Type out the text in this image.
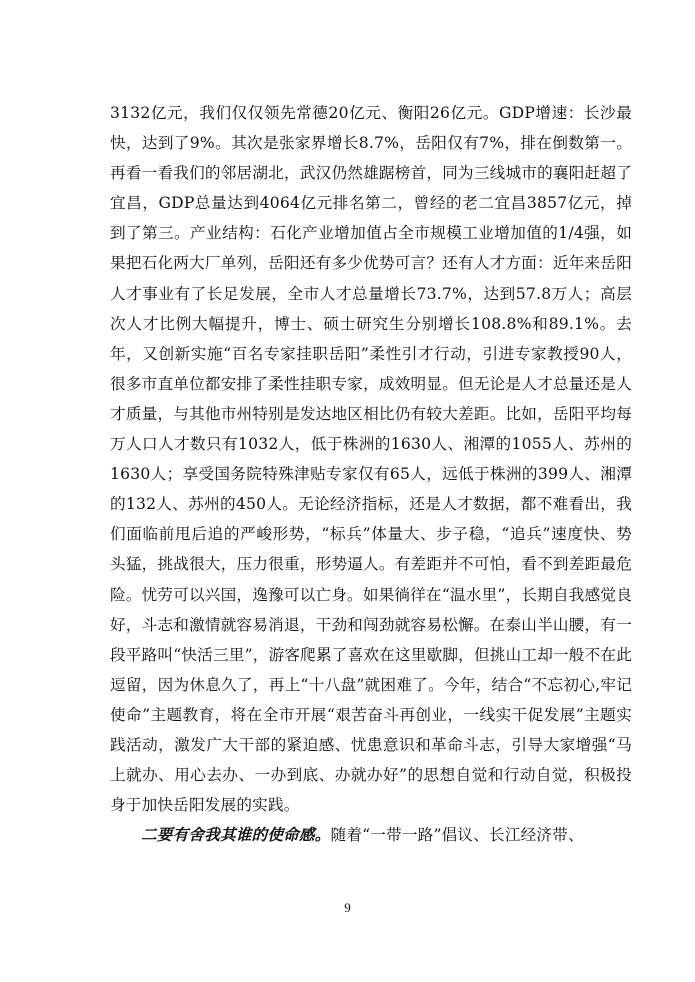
3132亿元，我们仅仅领先常德20亿元、衡阳26亿元。GDP增速：长沙最快，达到了9%。其次是张家界增长8.7%，岳阳仅有7%，排在倒数第一。再看一看我们的邻居湖北，武汉仍然雄踞榜首，同为三线城市的襄阳赶超了宜昌，GDP总量达到4064亿元排名第二，曾经的老二宜昌3857亿元，掉到了第三。产业结构：石化产业增加值占全市规模工业增加值的1/4强，如果把石化两大厂单列，岳阳还有多少优势可言？还有人才方面：近年来岳阳人才事业有了长足发展，全市人才总量增长73.7%，达到57.8万人；高层次人才比例大幅提升，博士、硕士研究生分别增长108.8%和89.1%。去年，又创新实施“百名专家挂职岳阳”柔性引才行动，引进专家教授90人，很多市直单位都安排了柔性挂职专家，成效明显。但无论是人才总量还是人才质量，与其他市州特别是发达地区相比仍有较大差距。比如，岳阳平均每万人口人才数只有1032人，低于株洲的1630人、湘潭的1055人、苏州的1630人；享受国务院特殊津贴专家仅有65人，远低于株洲的399人、湘潭的132人、苏州的450人。无论经济指标，还是人才数据，都不难看出，我们面临前甩后追的严峻形势，“标兵”体量大、步子稳，“追兵”速度快、势头猛，挑战很大，压力很重，形势逼人。有差距并不可怕，看不到差距最危险。忧劳可以兴国，逸豫可以亡身。如果徜徉在“温水里”，长期自我感觉良好，斗志和激情就容易消退，干劲和闯劲就容易松懈。在泰山半山腰，有一段平路叫“快活三里”，游客爬累了喜欢在这里歇脚，但挑山工却一般不在此逗留，因为休息久了，再上“十八盘”就困难了。今年，结合“不忘初心,牢记使命”主题教育，将在全市开展“艰苦奋斗再创业，一线实干促发展”主题实践活动，激发广大干部的紧迫感、忧患意识和革命斗志，引导大家增强“马上就办、用心去办、一办到底、办就办好”的思想自觉和行动自觉，积极投身于加快岳阳发展的实践。

二要有舍我其谁的使命感。随着“一带一路”倡议、长江经济带、

9
